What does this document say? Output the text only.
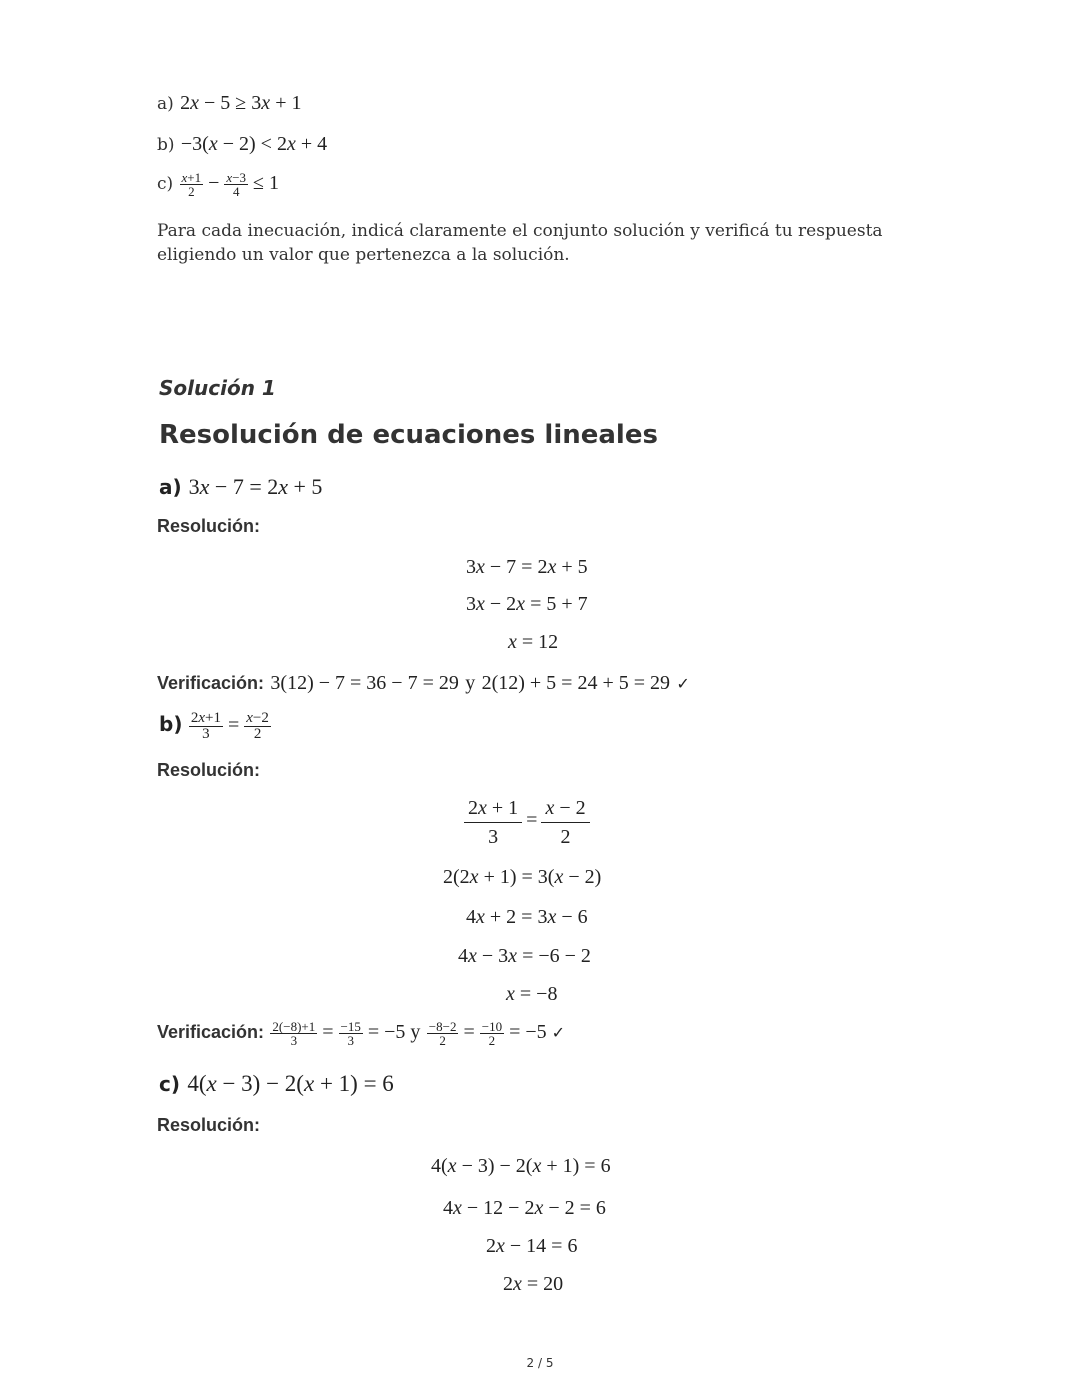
a) 2x − 5 ≥ 3x + 1
b) −3(x − 2) < 2x + 4
$c) \frac{x+1}{2} - \frac{x-3}{4} \le 1$
Para cada inecuación, indicá claramente el conjunto solución y verificá tu respuesta eligiendo un valor que pertenezca a la solución.
Solución 1
Resolución de ecuaciones lineales
a) 3x − 7 = 2x + 5
Resolución:
3x − 7 = 2x + 5
3x − 2x = 5 + 7
x = 12
Verificación: 3(12) − 7 = 36 − 7 = 29 y 2(12) + 5 = 24 + 5 = 29 ✓
$b) \frac{2x+1}{3} = \frac{x-2}{2}$
Resolución:
$\frac{2x + 1}{3} = \frac{x - 2}{2}$
2(2x + 1) = 3(x − 2)
4x + 2 = 3x − 6
4x − 3x = −6 − 2
x = −8
Verificación: $\frac{2(-8)+1}{3} = \frac{-15}{3} = -5$ y $\frac{-8-2}{2} = \frac{-10}{2} = -5$ ✓
c) 4(x − 3) − 2(x + 1) = 6
Resolución:
4(x − 3) − 2(x + 1) = 6
4x − 12 − 2x − 2 = 6
2x − 14 = 6
2x = 20
2 / 5
